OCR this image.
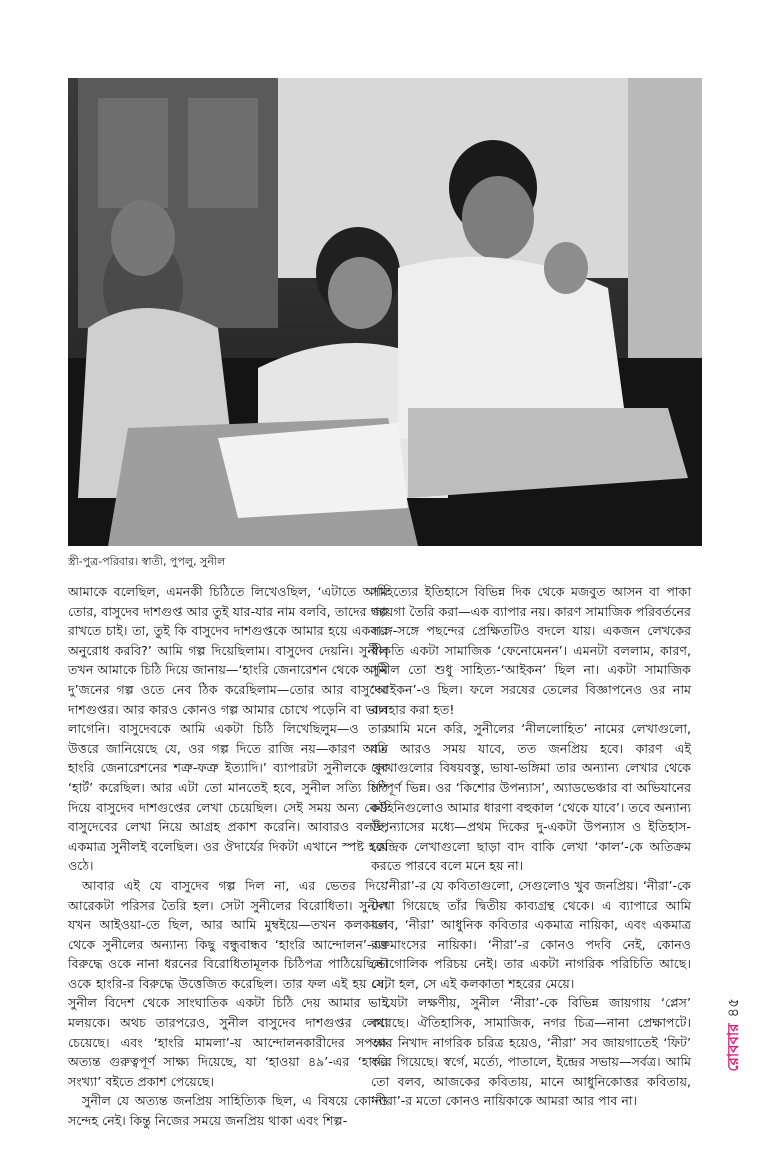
স্ত্রী-পুত্র-পরিবার। স্বাতী, পুপলু, সুনীল

আমাকে বলেছিল, এমনকী চিঠিতে লিখেওছিল, ‘এটাতে আমি তোর, বাসুদেব দাশগুপ্ত আর তুই যার-যার নাম বলবি, তাদের গল্প রাখতে চাই। তা, তুই কি বাসুদেব দাশগুপ্তকে আমার হয়ে একবার অনুরোধ করবি?’ আমি গল্প দিয়েছিলাম। বাসুদেব দেয়নি। সুনীল তখন আমাকে চিঠি দিয়ে জানায়—‘হাংরি জেনারেশন থেকে আমি দু’জনের গল্প ওতে নেব ঠিক করেছিলাম—তোর আর বাসুদেব দাশগুপ্তর। আর কারও কোনও গল্প আমার চোখে পড়েনি বা ভাল লাগেনি। বাসুদেবকে আমি একটা চিঠি লিখেছিলুম—ও তার উত্তরে জানিয়েছে যে, ওর গল্প দিতে রাজি নয়—কারণ আমি হাংরি জেনারেশনের শত্রু-ফত্রু ইত্যাদি।’ ব্যাপারটা সুনীলকে খুব ‘হার্ট’ করেছিল। আর এটা তো মানতেই হবে, সুনীল সত্যি চিঠি দিয়ে বাসুদেব দাশগুপ্তের লেখা চেয়েছিল। সেই সময় অন্য কেউ বাসুদেবের লেখা নিয়ে আগ্রহ প্রকাশ করেনি। আবারও বলছি, একমাত্র সুনীলই বলেছিল। ওর ঔদার্যের দিকটা এখানে স্পষ্ট হয়ে ওঠে।

আবার এই যে বাসুদেব গল্প দিল না, এর ভেতর দিয়ে আরেকটা পরিসর তৈরি হল। সেটা সুনীলের বিরোধিতা। সুনীল যখন আইওয়া-তে ছিল, আর আমি মুম্বইয়ে—তখন কলকাতা থেকে সুনীলের অন্যান্য কিছু বন্ধুবান্ধব ‘হাংরি আন্দোলন’-এর বিরুদ্ধে ওকে নানা ধরনের বিরোধিতামূলক চিঠিপত্র পাঠিয়েছিল। ওকে হাংরি-র বিরুদ্ধে উত্তেজিত করেছিল। তার ফল এই হয় যে, সুনীল বিদেশ থেকে সাংঘাতিক একটা চিঠি দেয় আমার ভাই মলয়কে। অথচ তারপরেও, সুনীল বাসুদেব দাশগুপ্তর লেখা চেয়েছে। এবং ‘হাংরি মামলা’-য় আন্দোলনকারীদের সপক্ষে অত্যন্ত গুরুত্বপূর্ণ সাক্ষ্য দিয়েছে, যা ‘হাওয়া ৪৯’-এর ‘হাংরি সংখ্যা’ বইতে প্রকাশ পেয়েছে।

সুনীল যে অত্যন্ত জনপ্রিয় সাহিত্যিক ছিল, এ বিষয়ে কোনও সন্দেহ নেই। কিন্তু নিজের সময়ে জনপ্রিয় থাকা এবং শিল্প-

সাহিত্যের ইতিহাসে বিভিন্ন দিক থেকে মজবুত আসন বা পাকা জায়গা তৈরি করা—এক ব্যাপার নয়। কারণ সামাজিক পরিবর্তনের সঙ্গে-সঙ্গে পছন্দের প্রেক্ষিতটিও বদলে যায়। একজন লেখকের স্বীকৃতি একটা সামাজিক ‘ফেনোমেনন’। এমনটা বললাম, কারণ, সুনীল তো শুধু সাহিত্য-‘আইকন’ ছিল না। একটা সামাজিক ‘আইকন’-ও ছিল। ফলে সরষের তেলের বিজ্ঞাপনেও ওর নাম ব্যবহার করা হত!

আমি মনে করি, সুনীলের ‘নীললোহিত’ নামের লেখাগুলো, যত আরও সময় যাবে, তত জনপ্রিয় হবে। কারণ এই লেখাগুলোর বিষয়বস্তু, ভাষা-ভঙ্গিমা তার অন্যান্য লেখার থেকে সম্পূর্ণ ভিন্ন। ওর ‘কিশোর উপন্যাস’, অ্যাডভেঞ্চার বা অভিযানের কাহিনিগুলোও আমার ধারণা বহুকাল ‘থেকে যাবে’। তবে অন্যান্য উপন্যাসের মধ্যে—প্রথম দিকের দু-একটা উপন্যাস ও ইতিহাস-কেন্দ্রিক লেখাগুলো ছাড়া বাদ বাকি লেখা ‘কাল’-কে অতিক্রম করতে পারবে বলে মনে হয় না।

‘নীরা’-র যে কবিতাগুলো, সেগুলোও খুব জনপ্রিয়। ‘নীরা’-কে দেখা গিয়েছে তাঁর দ্বিতীয় কাব্যগ্রন্থ থেকে। এ ব্যাপারে আমি বলব, ‘নীরা’ আধুনিক কবিতার একমাত্র নায়িকা, এবং একমাত্র রক্তমাংসের নায়িকা। ‘নীরা’-র কোনও পদবি নেই, কোনও ভৌগোলিক পরিচয় নেই। তার একটা নাগরিক পরিচিতি আছে। সেটা হল, সে এই কলকাতা শহরের মেয়ে।

যেটা লক্ষণীয়, সুনীল ‘নীরা’-কে বিভিন্ন জায়গায় ‘প্লেস’ করেছে। ঐতিহাসিক, সামাজিক, নগর চিত্র—নানা প্রেক্ষাপটে। আর নিখাদ নাগরিক চরিত্র হয়েও, ‘নীরা’ সব জায়গাতেই ‘ফিট’ করে গিয়েছে। স্বর্গে, মর্ত্যে, পাতালে, ইন্দ্রের সভায়—সর্বত্র। আমি তো বলব, আজকের কবিতায়, মানে আধুনিকোত্তর কবিতায়, ‘নীরা’-র মতো কোনও নায়িকাকে আমরা আর পাব না।

রোববার৪৫
